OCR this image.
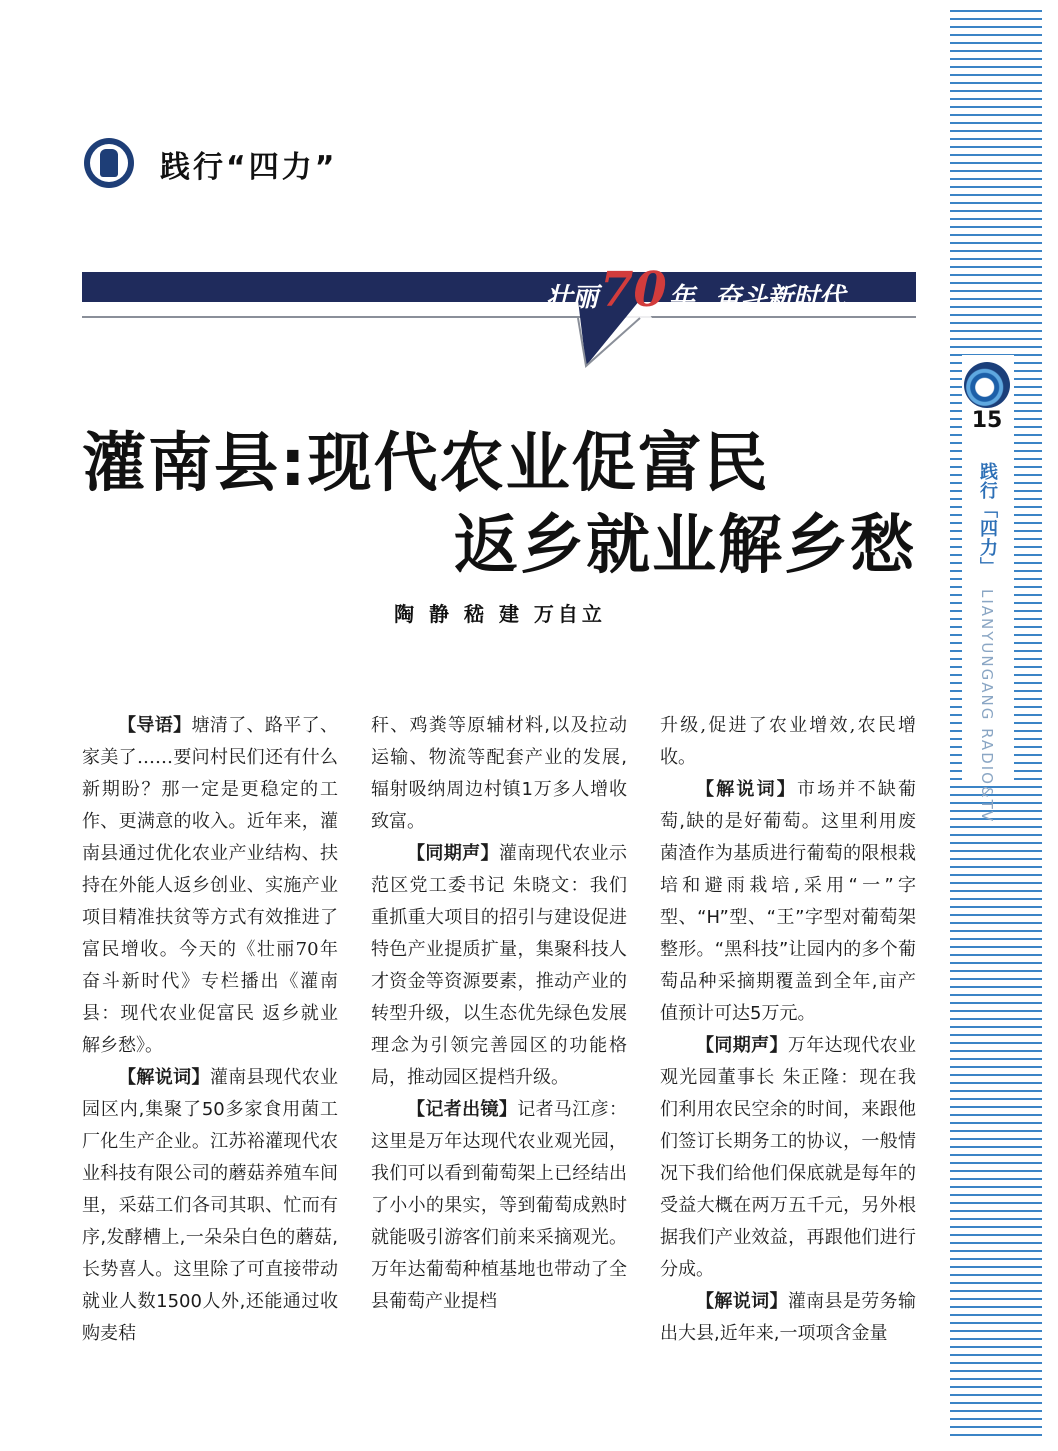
15
践行「四力」 LIANYUNGANG RADIO&TV
践行“四力”
壮丽70年 奋斗新时代
灌南县:现代农业促富民
返乡就业解乡愁
陶 静 嵇 建 万自立

【导语】塘清了、路平了、家美了……要问村民们还有什么新期盼？那一定是更稳定的工作、更满意的收入。近年来，灌南县通过优化农业产业结构、扶持在外能人返乡创业、实施产业项目精准扶贫等方式有效推进了富民增收。今天的《壮丽70年 奋斗新时代》专栏播出《灌南县：现代农业促富民 返乡就业解乡愁》。

【解说词】灌南县现代农业园区内,集聚了50多家食用菌工厂化生产企业。江苏裕灌现代农业科技有限公司的蘑菇养殖车间里，采菇工们各司其职、忙而有序,发酵槽上,一朵朵白色的蘑菇,长势喜人。这里除了可直接带动就业人数1500人外,还能通过收购麦秸

秆、鸡粪等原辅材料,以及拉动运输、物流等配套产业的发展,辐射吸纳周边村镇1万多人增收致富。

【同期声】灌南现代农业示范区党工委书记 朱晓文：我们重抓重大项目的招引与建设促进特色产业提质扩量，集聚科技人才资金等资源要素，推动产业的转型升级，以生态优先绿色发展理念为引领完善园区的功能格局，推动园区提档升级。

【记者出镜】记者马江彦：这里是万年达现代农业观光园，我们可以看到葡萄架上已经结出了小小的果实，等到葡萄成熟时就能吸引游客们前来采摘观光。万年达葡萄种植基地也带动了全县葡萄产业提档

升级,促进了农业增效,农民增收。

【解说词】市场并不缺葡萄,缺的是好葡萄。这里利用废菌渣作为基质进行葡萄的限根栽培和避雨栽培,采用“一”字型、“H”型、“王”字型对葡萄架整形。“黑科技”让园内的多个葡萄品种采摘期覆盖到全年,亩产值预计可达5万元。

【同期声】万年达现代农业观光园董事长 朱正隆：现在我们利用农民空余的时间，来跟他们签订长期务工的协议，一般情况下我们给他们保底就是每年的受益大概在两万五千元，另外根据我们产业效益，再跟他们进行分成。

【解说词】灌南县是劳务输出大县,近年来,一项项含金量
